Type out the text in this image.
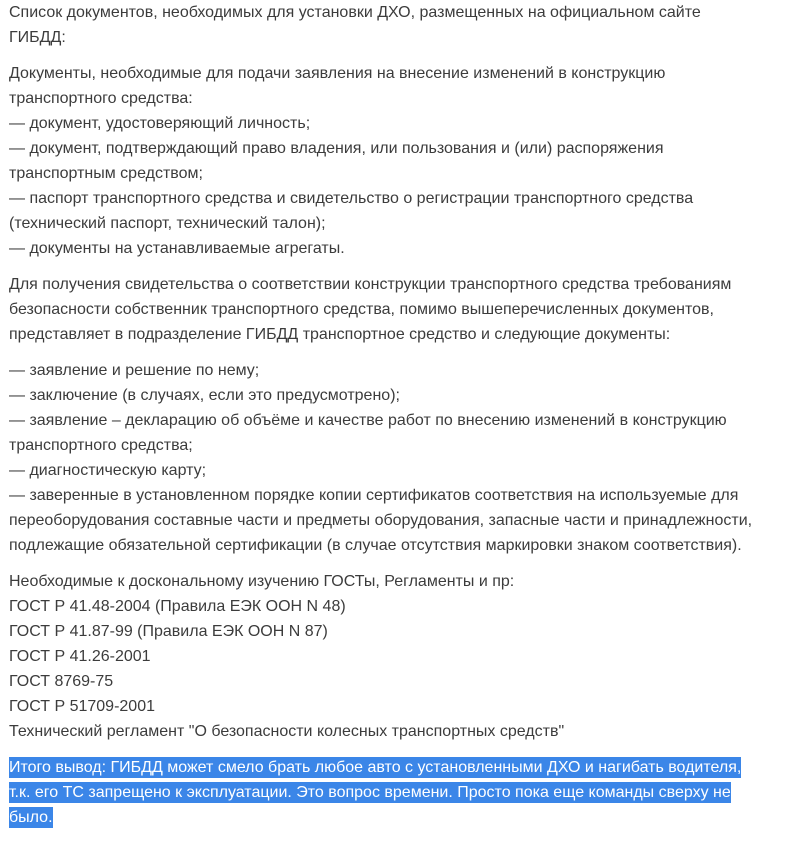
Список документов, необходимых для установки ДХО, размещенных на официальном сайте
ГИБДД:
Документы, необходимые для подачи заявления на внесение изменений в конструкцию
транспортного средства:
— документ, удостоверяющий личность;
— документ, подтверждающий право владения, или пользования и (или) распоряжения
транспортным средством;
— паспорт транспортного средства и свидетельство о регистрации транспортного средства
(технический паспорт, технический талон);
— документы на устанавливаемые агрегаты.
Для получения свидетельства о соответствии конструкции транспортного средства требованиям
безопасности собственник транспортного средства, помимо вышеперечисленных документов,
представляет в подразделение ГИБДД транспортное средство и следующие документы:
— заявление и решение по нему;
— заключение (в случаях, если это предусмотрено);
— заявление – декларацию об объёме и качестве работ по внесению изменений в конструкцию
транспортного средства;
— диагностическую карту;
— заверенные в установленном порядке копии сертификатов соответствия на используемые для
переоборудования составные части и предметы оборудования, запасные части и принадлежности,
подлежащие обязательной сертификации (в случае отсутствия маркировки знаком соответствия).
Необходимые к доскональному изучению ГОСТы, Регламенты и пр:
ГОСТ Р 41.48-2004 (Правила ЕЭК ООН N 48)
ГОСТ Р 41.87-99 (Правила ЕЭК ООН N 87)
ГОСТ Р 41.26-2001
ГОСТ 8769-75
ГОСТ Р 51709-2001
Технический регламент "О безопасности колесных транспортных средств"
Итого вывод: ГИБДД может смело брать любое авто с установленными ДХО и нагибать водителя,
т.к. его ТС запрещено к эксплуатации. Это вопрос времени. Просто пока еще команды сверху не
было.
